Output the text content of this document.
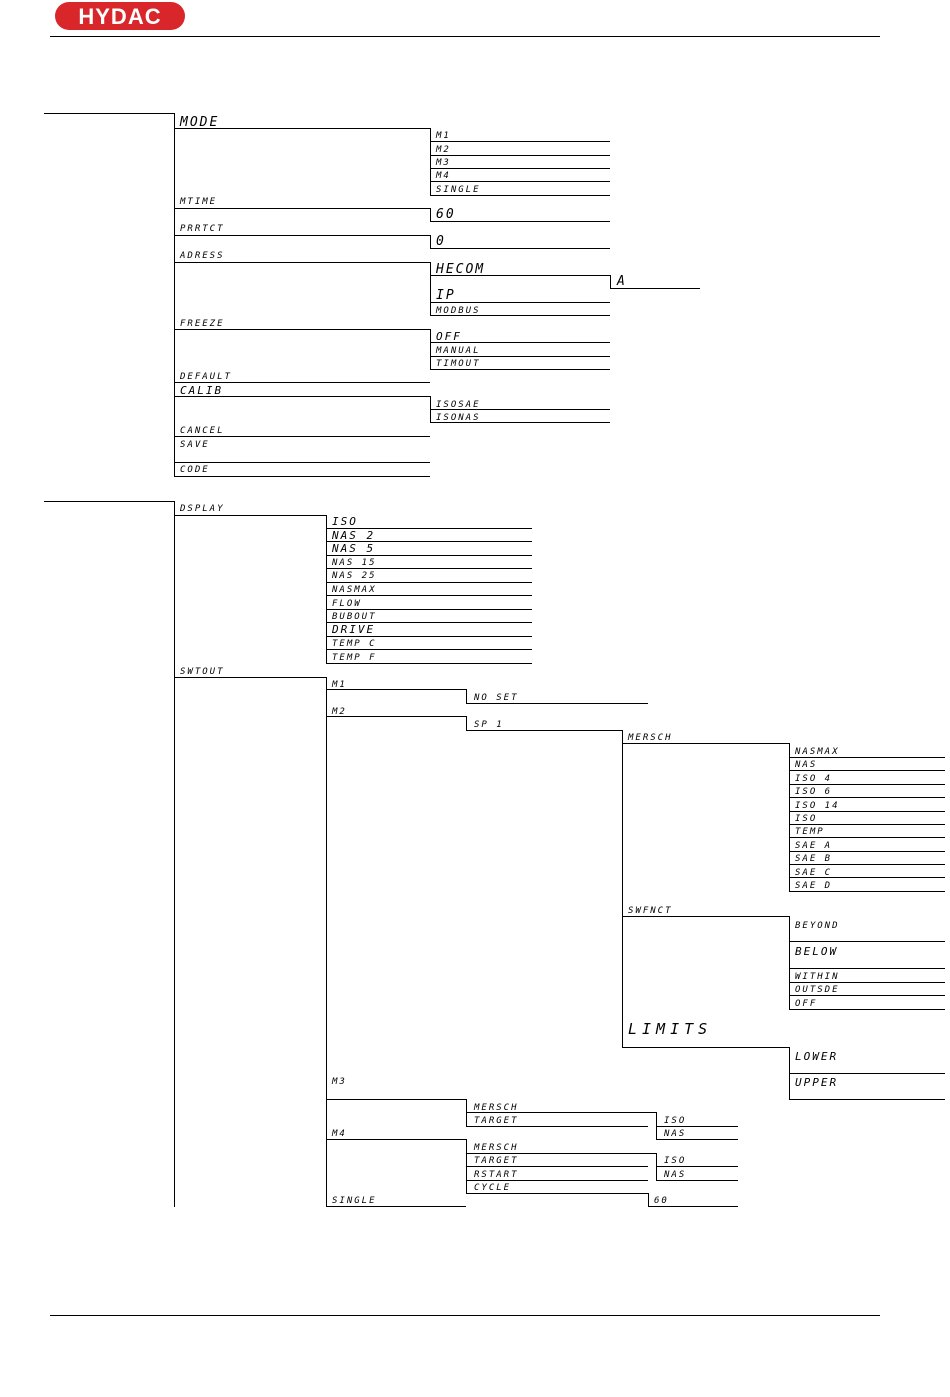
HYDAC
MODE
M1
M2
M3
M4
SINGLE
MTIME
60
PRRTCT
0
ADRESS
HECOM
A
IP
MODBUS
FREEZE
OFF
MANUAL
TIMOUT
DEFAULT
CALIB
ISOSAE
ISONAS
CANCEL
SAVE
CODE
DSPLAY
ISO
NAS 2
NAS 5
NAS 15
NAS 25
NASMAX
FLOW
BUBOUT
DRIVE
TEMP C
TEMP F
SWTOUT
M1
NO SET
M2
SP 1
MERSCH
NASMAX
NAS
ISO 4
ISO 6
ISO 14
ISO
TEMP
SAE A
SAE B
SAE C
SAE D
SWFNCT
BEYOND
BELOW
WITHIN
OUTSDE
OFF
LIMITS
LOWER
UPPER
M3
MERSCH
TARGET	ISO
NAS
M4
MERSCH
TARGET	ISO
NAS
RSTART
CYCLE
60
SINGLE
